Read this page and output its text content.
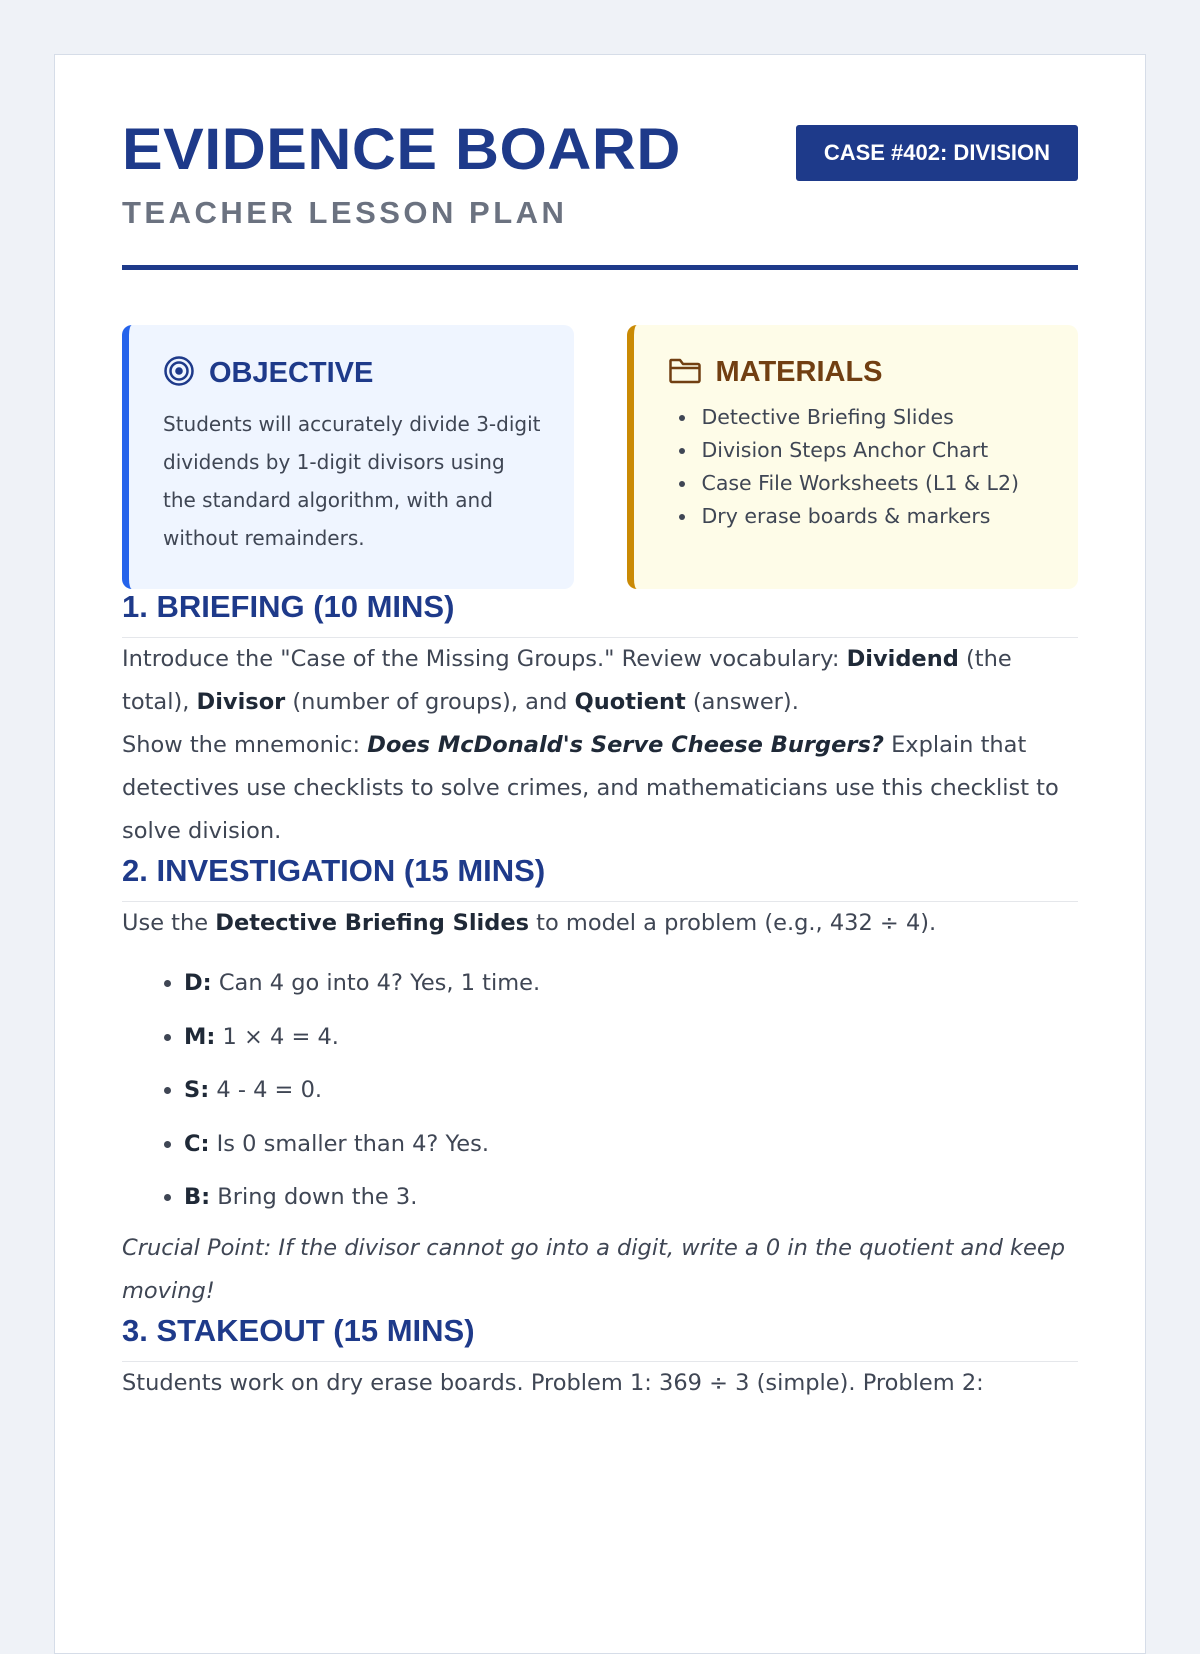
EVIDENCE BOARD
TEACHER LESSON PLAN
CASE #402: DIVISION
OBJECTIVE
Students will accurately divide 3-digit dividends by 1-digit divisors using the standard algorithm, with and without remainders.
MATERIALS
• Detective Briefing Slides
• Division Steps Anchor Chart
• Case File Worksheets (L1 & L2)
• Dry erase boards & markers
1. BRIEFING (10 MINS)

Introduce the "Case of the Missing Groups." Review vocabulary: Dividend (the total), Divisor (number of groups), and Quotient (answer).

Show the mnemonic: Does McDonald's Serve Cheese Burgers? Explain that detectives use checklists to solve crimes, and mathematicians use this checklist to solve division.

2. INVESTIGATION (15 MINS)

Use the Detective Briefing Slides to model a problem (e.g., 432 ÷ 4).

• D: Can 4 go into 4? Yes, 1 time.
• M: 1 × 4 = 4.
• S: 4 - 4 = 0.
• C: Is 0 smaller than 4? Yes.
• B: Bring down the 3.

Crucial Point: If the divisor cannot go into a digit, write a 0 in the quotient and keep moving!

3. STAKEOUT (15 MINS)

Students work on dry erase boards. Problem 1: 369 ÷ 3 (simple). Problem 2:
